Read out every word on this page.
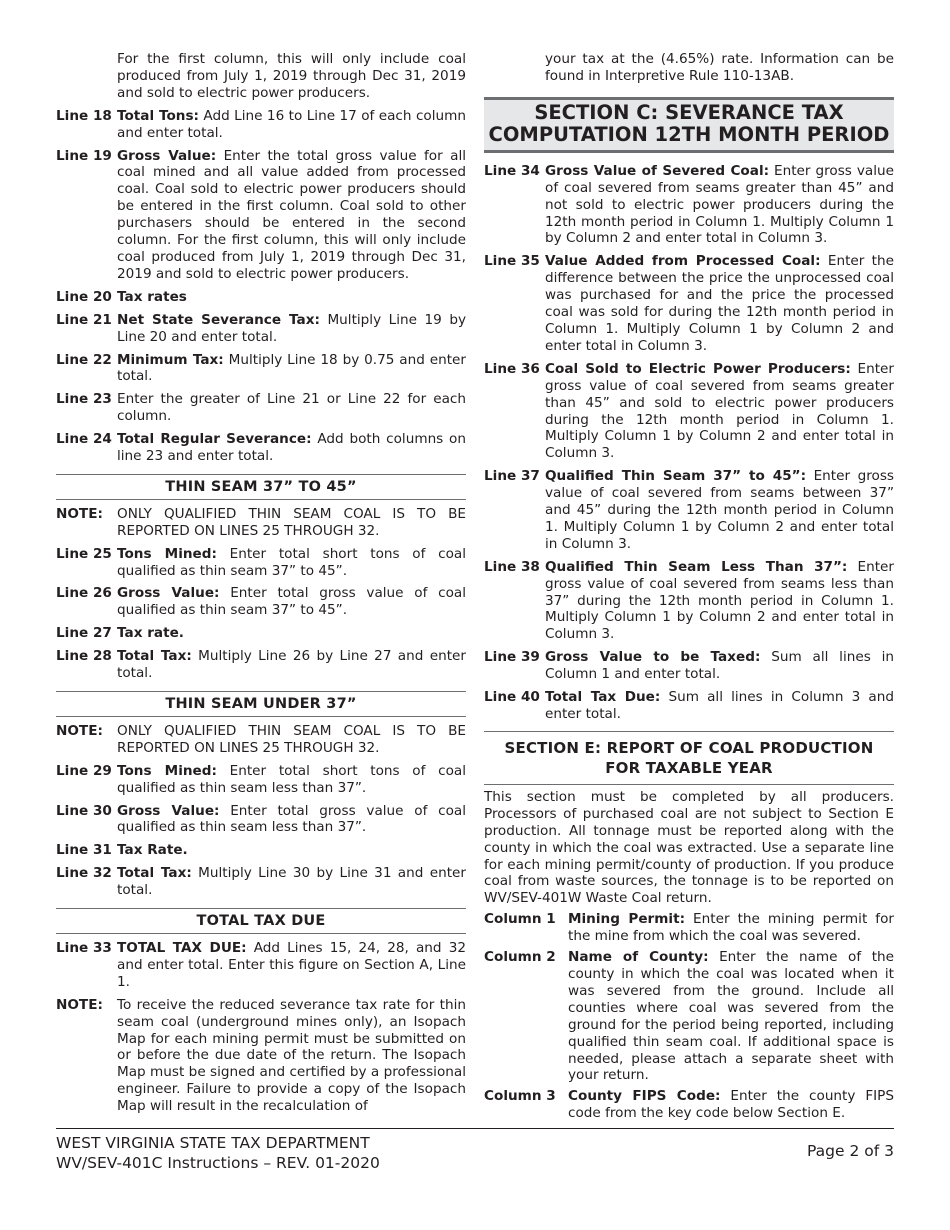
For the first column, this will only include coal produced from July 1, 2019 through Dec 31, 2019 and sold to electric power producers.
Line 18 Total Tons: Add Line 16 to Line 17 of each column and enter total.
Line 19 Gross Value: Enter the total gross value for all coal mined and all value added from processed coal. Coal sold to electric power producers should be entered in the first column. Coal sold to other purchasers should be entered in the second column. For the first column, this will only include coal produced from July 1, 2019 through Dec 31, 2019 and sold to electric power producers.
Line 20 Tax rates
Line 21 Net State Severance Tax: Multiply Line 19 by Line 20 and enter total.
Line 22 Minimum Tax: Multiply Line 18 by 0.75 and enter total.
Line 23 Enter the greater of Line 21 or Line 22 for each column.
Line 24 Total Regular Severance: Add both columns on line 23 and enter total.
THIN SEAM 37” TO 45”
NOTE:	ONLY QUALIFIED THIN SEAM COAL IS TO BE REPORTED ON LINES 25 THROUGH 32.
Line 25 Tons Mined: Enter total short tons of coal qualified as thin seam 37” to 45”.
Line 26 Gross Value: Enter total gross value of coal qualified as thin seam 37” to 45”.
Line 27 Tax rate.
Line 28 Total Tax: Multiply Line 26 by Line 27 and enter total.
THIN SEAM UNDER 37”
NOTE:	ONLY QUALIFIED THIN SEAM COAL IS TO BE REPORTED ON LINES 25 THROUGH 32.
Line 29 Tons Mined: Enter total short tons of coal qualified as thin seam less than 37”.
Line 30 Gross Value: Enter total gross value of coal qualified as thin seam less than 37”.
Line 31 Tax Rate.
Line 32 Total Tax: Multiply Line 30 by Line 31 and enter total.
TOTAL TAX DUE
Line 33 TOTAL TAX DUE: Add Lines 15, 24, 28, and 32 and enter total. Enter this figure on Section A, Line 1.
NOTE:	To receive the reduced severance tax rate for thin seam coal (underground mines only), an Isopach Map for each mining permit must be submitted on or before the due date of the return. The Isopach Map must be signed and certified by a professional engineer. Failure to provide a copy of the Isopach Map will result in the recalculation of
your tax at the (4.65%) rate. Information can be found in Interpretive Rule 110-13AB.
SECTION C: SEVERANCE TAX
COMPUTATION 12TH MONTH PERIOD
Line 34 Gross Value of Severed Coal: Enter gross value of coal severed from seams greater than 45” and not sold to electric power producers during the 12th month period in Column 1. Multiply Column 1 by Column 2 and enter total in Column 3.
Line 35 Value Added from Processed Coal: Enter the difference between the price the unprocessed coal was purchased for and the price the processed coal was sold for during the 12th month period in Column 1. Multiply Column 1 by Column 2 and enter total in Column 3.
Line 36 Coal Sold to Electric Power Producers: Enter gross value of coal severed from seams greater than 45” and sold to electric power producers during the 12th month period in Column 1. Multiply Column 1 by Column 2 and enter total in Column 3.
Line 37 Qualified Thin Seam 37” to 45”: Enter gross value of coal severed from seams between 37” and 45” during the 12th month period in Column 1. Multiply Column 1 by Column 2 and enter total in Column 3.
Line 38 Qualified Thin Seam Less Than 37”: Enter gross value of coal severed from seams less than 37” during the 12th month period in Column 1. Multiply Column 1 by Column 2 and enter total in Column 3.
Line 39 Gross Value to be Taxed: Sum all lines in Column 1 and enter total.
Line 40 Total Tax Due: Sum all lines in Column 3 and enter total.
SECTION E: REPORT OF COAL PRODUCTION
FOR TAXABLE YEAR
This section must be completed by all producers. Processors of purchased coal are not subject to Section E production. All tonnage must be reported along with the county in which the coal was extracted. Use a separate line for each mining permit/county of production. If you produce coal from waste sources, the tonnage is to be reported on WV/SEV-401W Waste Coal return.
Column 1 Mining Permit: Enter the mining permit for the mine from which the coal was severed.
Column 2 Name of County: Enter the name of the county in which the coal was located when it was severed from the ground. Include all counties where coal was severed from the ground for the period being reported, including qualified thin seam coal. If additional space is needed, please attach a separate sheet with your return.
Column 3 County FIPS Code: Enter the county FIPS code from the key code below Section E.
WEST VIRGINIA STATE TAX DEPARTMENT
WV/SEV-401C Instructions – REV. 01-2020
Page 2 of 3
